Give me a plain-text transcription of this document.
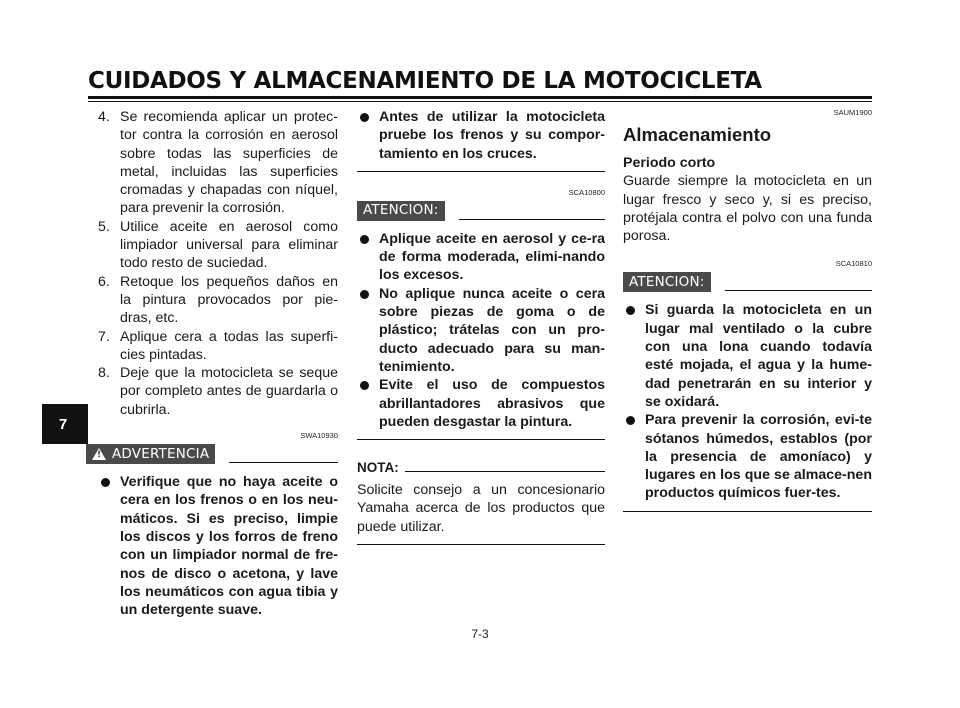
CUIDADOS Y ALMACENAMIENTO DE LA MOTOCICLETA
7
4. Se recomienda aplicar un protec-tor contra la corrosión en aerosol sobre todas las superficies de metal, incluidas las superficies cromadas y chapadas con níquel, para prevenir la corrosión.
5. Utilice aceite en aerosol como limpiador universal para eliminar todo resto de suciedad.
6. Retoque los pequeños daños en la pintura provocados por pie-dras, etc.
7. Aplique cera a todas las superfi-cies pintadas.
8. Deje que la motocicleta se seque por completo antes de guardarla o cubrirla.
SWA10930
!
ADVERTENCIA
Verifique que no haya aceite o cera en los frenos o en los neu-máticos. Si es preciso, limpie los discos y los forros de freno con un limpiador normal de fre-nos de disco o acetona, y lave los neumáticos con agua tibia y un detergente suave.
Antes de utilizar la motocicleta pruebe los frenos y su compor-tamiento en los cruces.
SCA10800
ATENCION:
Aplique aceite en aerosol y ce-ra de forma moderada, elimi-nando los excesos.
No aplique nunca aceite o cera sobre piezas de goma o de plástico; trátelas con un pro-ducto adecuado para su man-tenimiento.
Evite el uso de compuestos abrillantadores abrasivos que pueden desgastar la pintura.
NOTA:
Solicite consejo a un concesionario Yamaha acerca de los productos que puede utilizar.
SAUM1900
Almacenamiento
Periodo corto
Guarde siempre la motocicleta en un lugar fresco y seco y, si es preciso, protéjala contra el polvo con una funda porosa.
SCA10810
ATENCION:
Si guarda la motocicleta en un lugar mal ventilado o la cubre con una lona cuando todavía esté mojada, el agua y la hume-dad penetrarán en su interior y se oxidará.
Para prevenir la corrosión, evi-te sótanos húmedos, establos (por la presencia de amoníaco) y lugares en los que se almace-nen productos químicos fuer-tes.
7-3
